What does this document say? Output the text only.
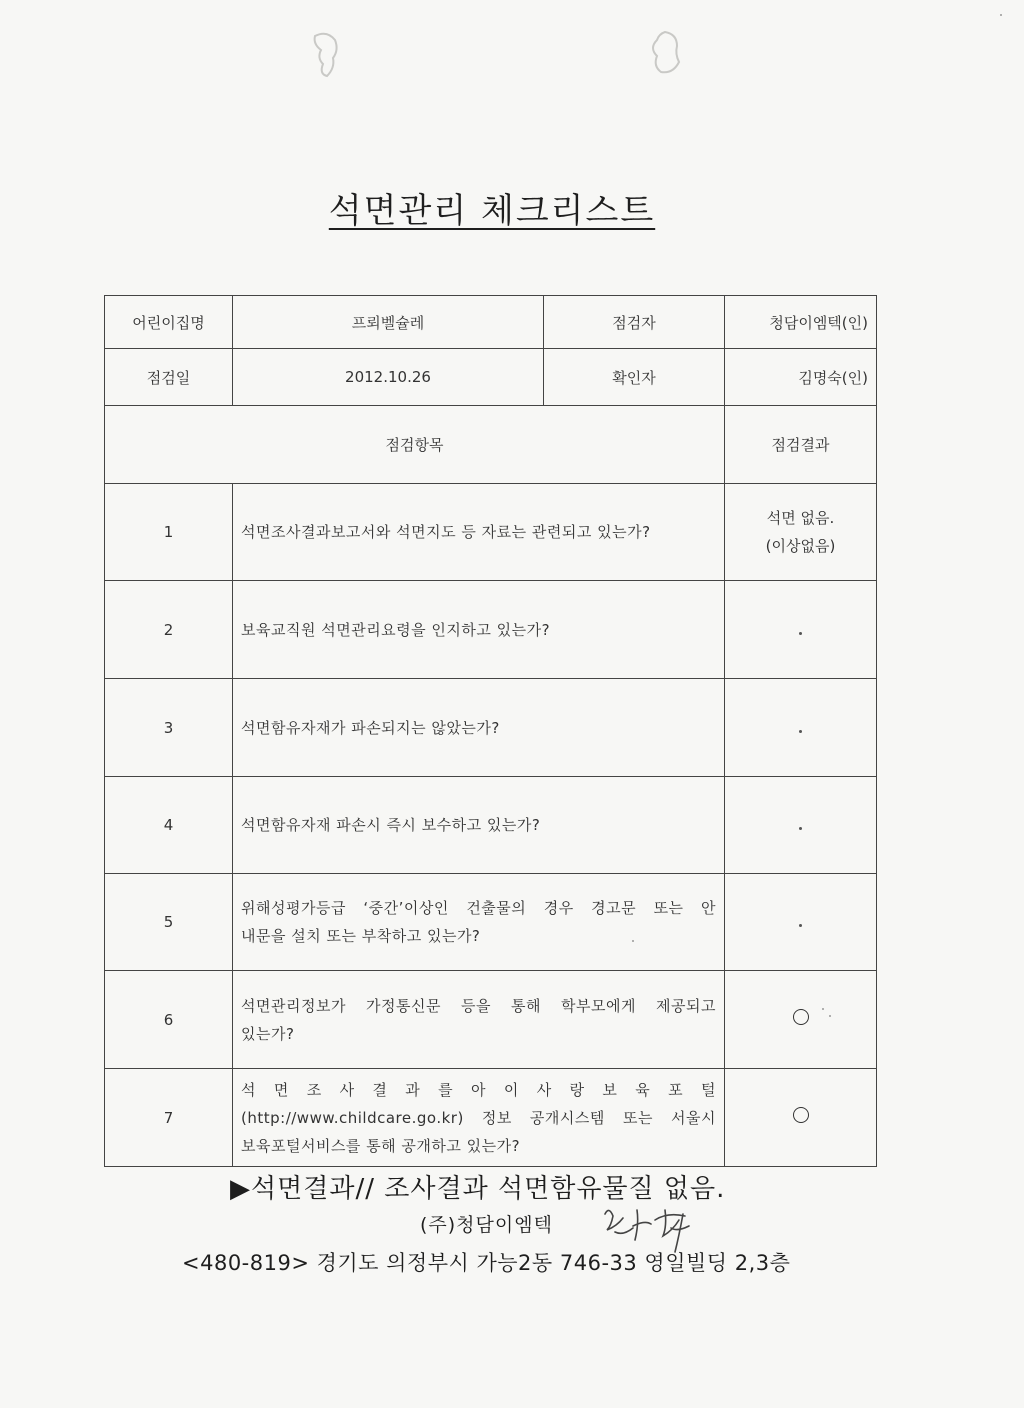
석면관리 체크리스트
어린이집명	프뢰벨슐레	점검자	청담이엠텍(인)
점검일	2012.10.26	확인자	김명숙(인)
점검항목			점검결과
1	석면조사결과보고서와 석면지도 등 자료는 관련되고 있는가?		석면 없음.
(이상없음)

2	보육교직원 석면관리요령을 인지하고 있는가?		
3	석면함유자재가 파손되지는 않았는가?		
4	석면함유자재 파손시 즉시 보수하고 있는가?		
5	위해성평가등급 ‘중간’이상인 건출물의 경우 경고문 또는 안
내문을 설치 또는 부착하고 있는가?		

6	석면관리정보가 가정통신문 등을 통해 학부모에게 제공되고
있는가?		

7	석 면 조 사 결 과 를 아 이 사 랑 보 육 포 털
(http://www.childcare.go.kr) 정보 공개시스템 또는 서울시
보육포털서비스를 통해 공개하고 있는가?		

▶석면결과// 조사결과 석면함유물질 없음.
(주)청담이엠텍
<480-819> 경기도 의정부시 가능2동 746-33 영일빌딩 2,3층
